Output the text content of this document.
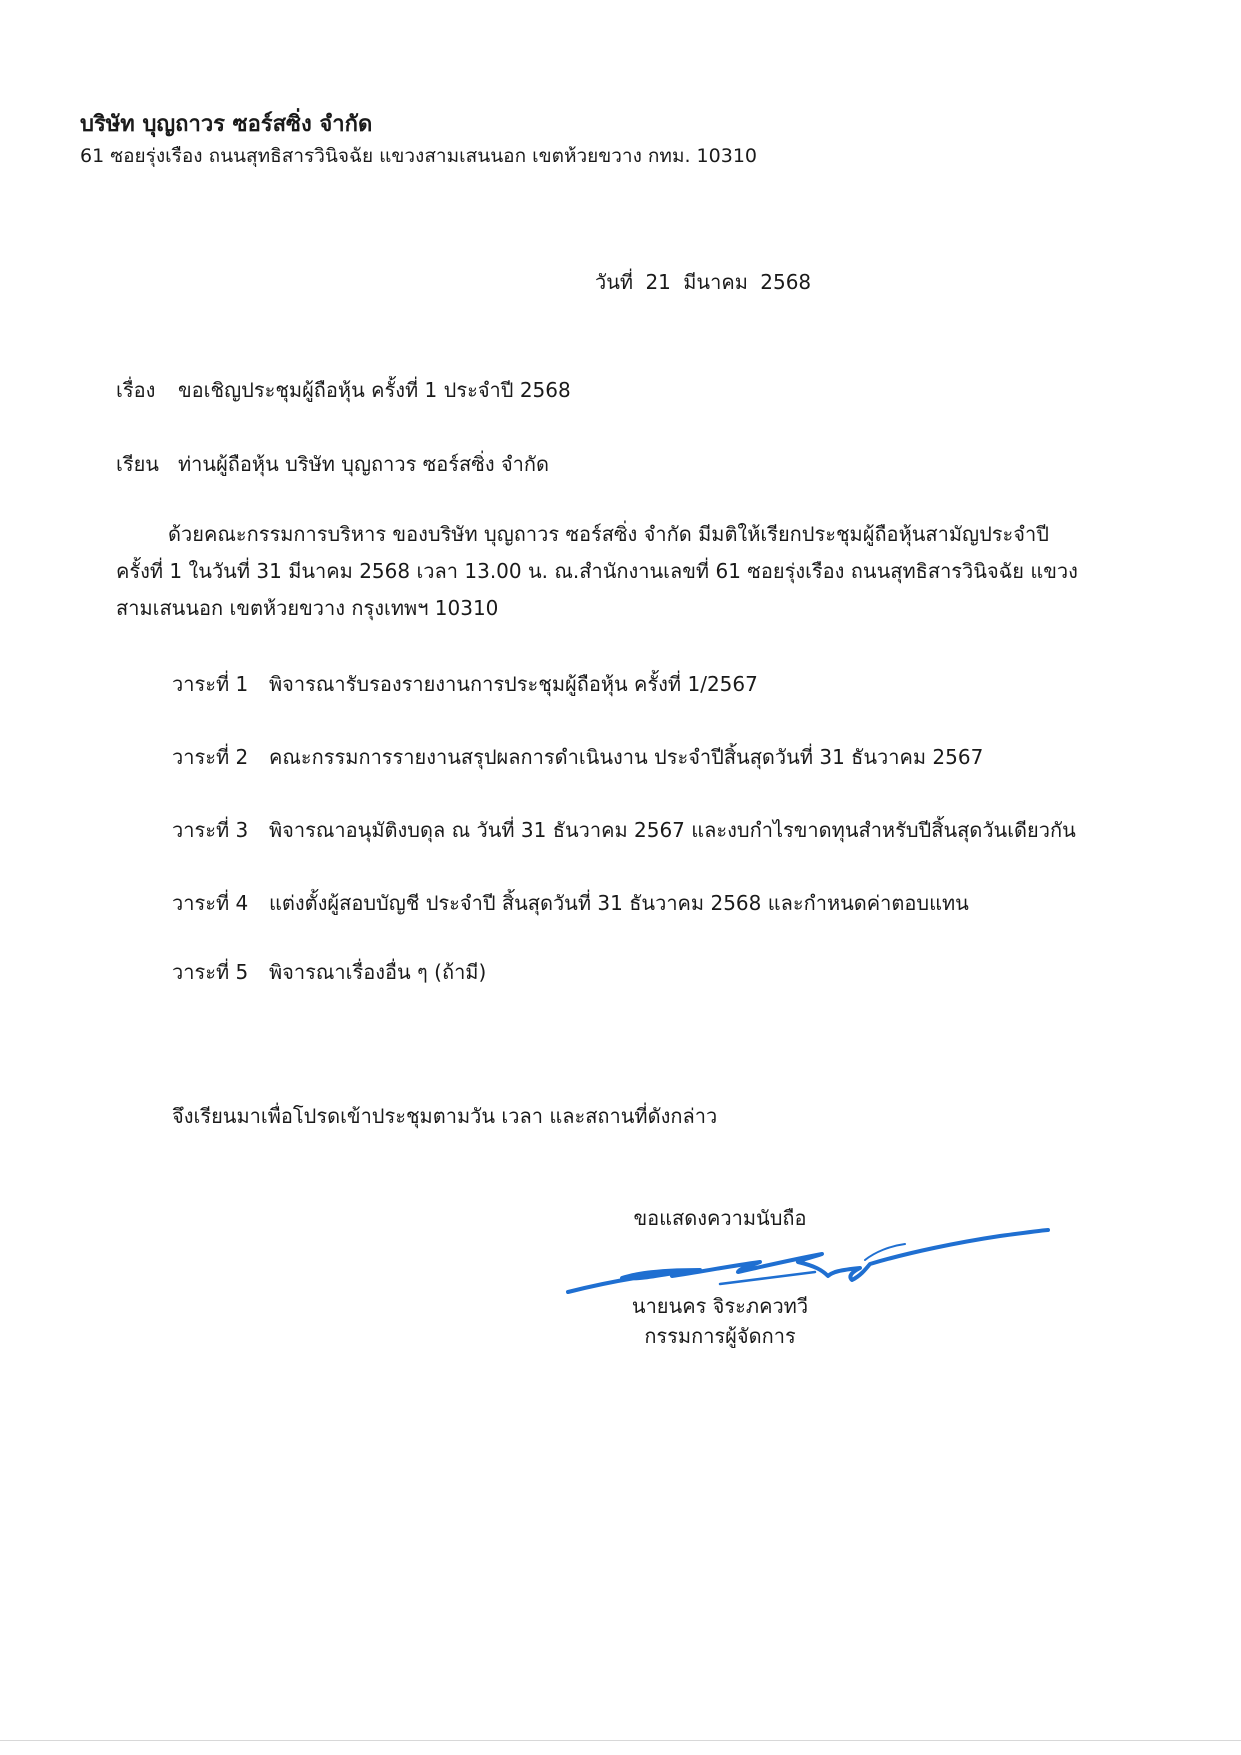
บริษัท บุญถาวร ซอร์สซิ่ง จำกัด
61 ซอยรุ่งเรือง ถนนสุทธิสารวินิจฉัย แขวงสามเสนนอก เขตห้วยขวาง กทม. 10310
วันที่ 21 มีนาคม 2568
เรื่อง ขอเชิญประชุมผู้ถือหุ้น ครั้งที่ 1 ประจำปี 2568
เรียน ท่านผู้ถือหุ้น บริษัท บุญถาวร ซอร์สซิ่ง จำกัด
ด้วยคณะกรรมการบริหาร ของบริษัท บุญถาวร ซอร์สซิ่ง จำกัด มีมติให้เรียกประชุมผู้ถือหุ้นสามัญประจำปี ครั้งที่ 1 ในวันที่ 31 มีนาคม 2568 เวลา 13.00 น. ณ.สำนักงานเลขที่ 61 ซอยรุ่งเรือง ถนนสุทธิสารวินิจฉัย แขวงสามเสนนอก เขตห้วยขวาง กรุงเทพฯ 10310
วาระที่ 1 พิจารณารับรองรายงานการประชุมผู้ถือหุ้น ครั้งที่ 1/2567
วาระที่ 2 คณะกรรมการรายงานสรุปผลการดำเนินงาน ประจำปีสิ้นสุดวันที่ 31 ธันวาคม 2567
วาระที่ 3 พิจารณาอนุมัติงบดุล ณ วันที่ 31 ธันวาคม 2567 และงบกำไรขาดทุนสำหรับปีสิ้นสุดวันเดียวกัน
วาระที่ 4 แต่งตั้งผู้สอบบัญชี ประจำปี สิ้นสุดวันที่ 31 ธันวาคม 2568 และกำหนดค่าตอบแทน
วาระที่ 5 พิจารณาเรื่องอื่น ๆ (ถ้ามี)
จึงเรียนมาเพื่อโปรดเข้าประชุมตามวัน เวลา และสถานที่ดังกล่าว
ขอแสดงความนับถือ
นายนคร จิระภควทวี
กรรมการผู้จัดการ
